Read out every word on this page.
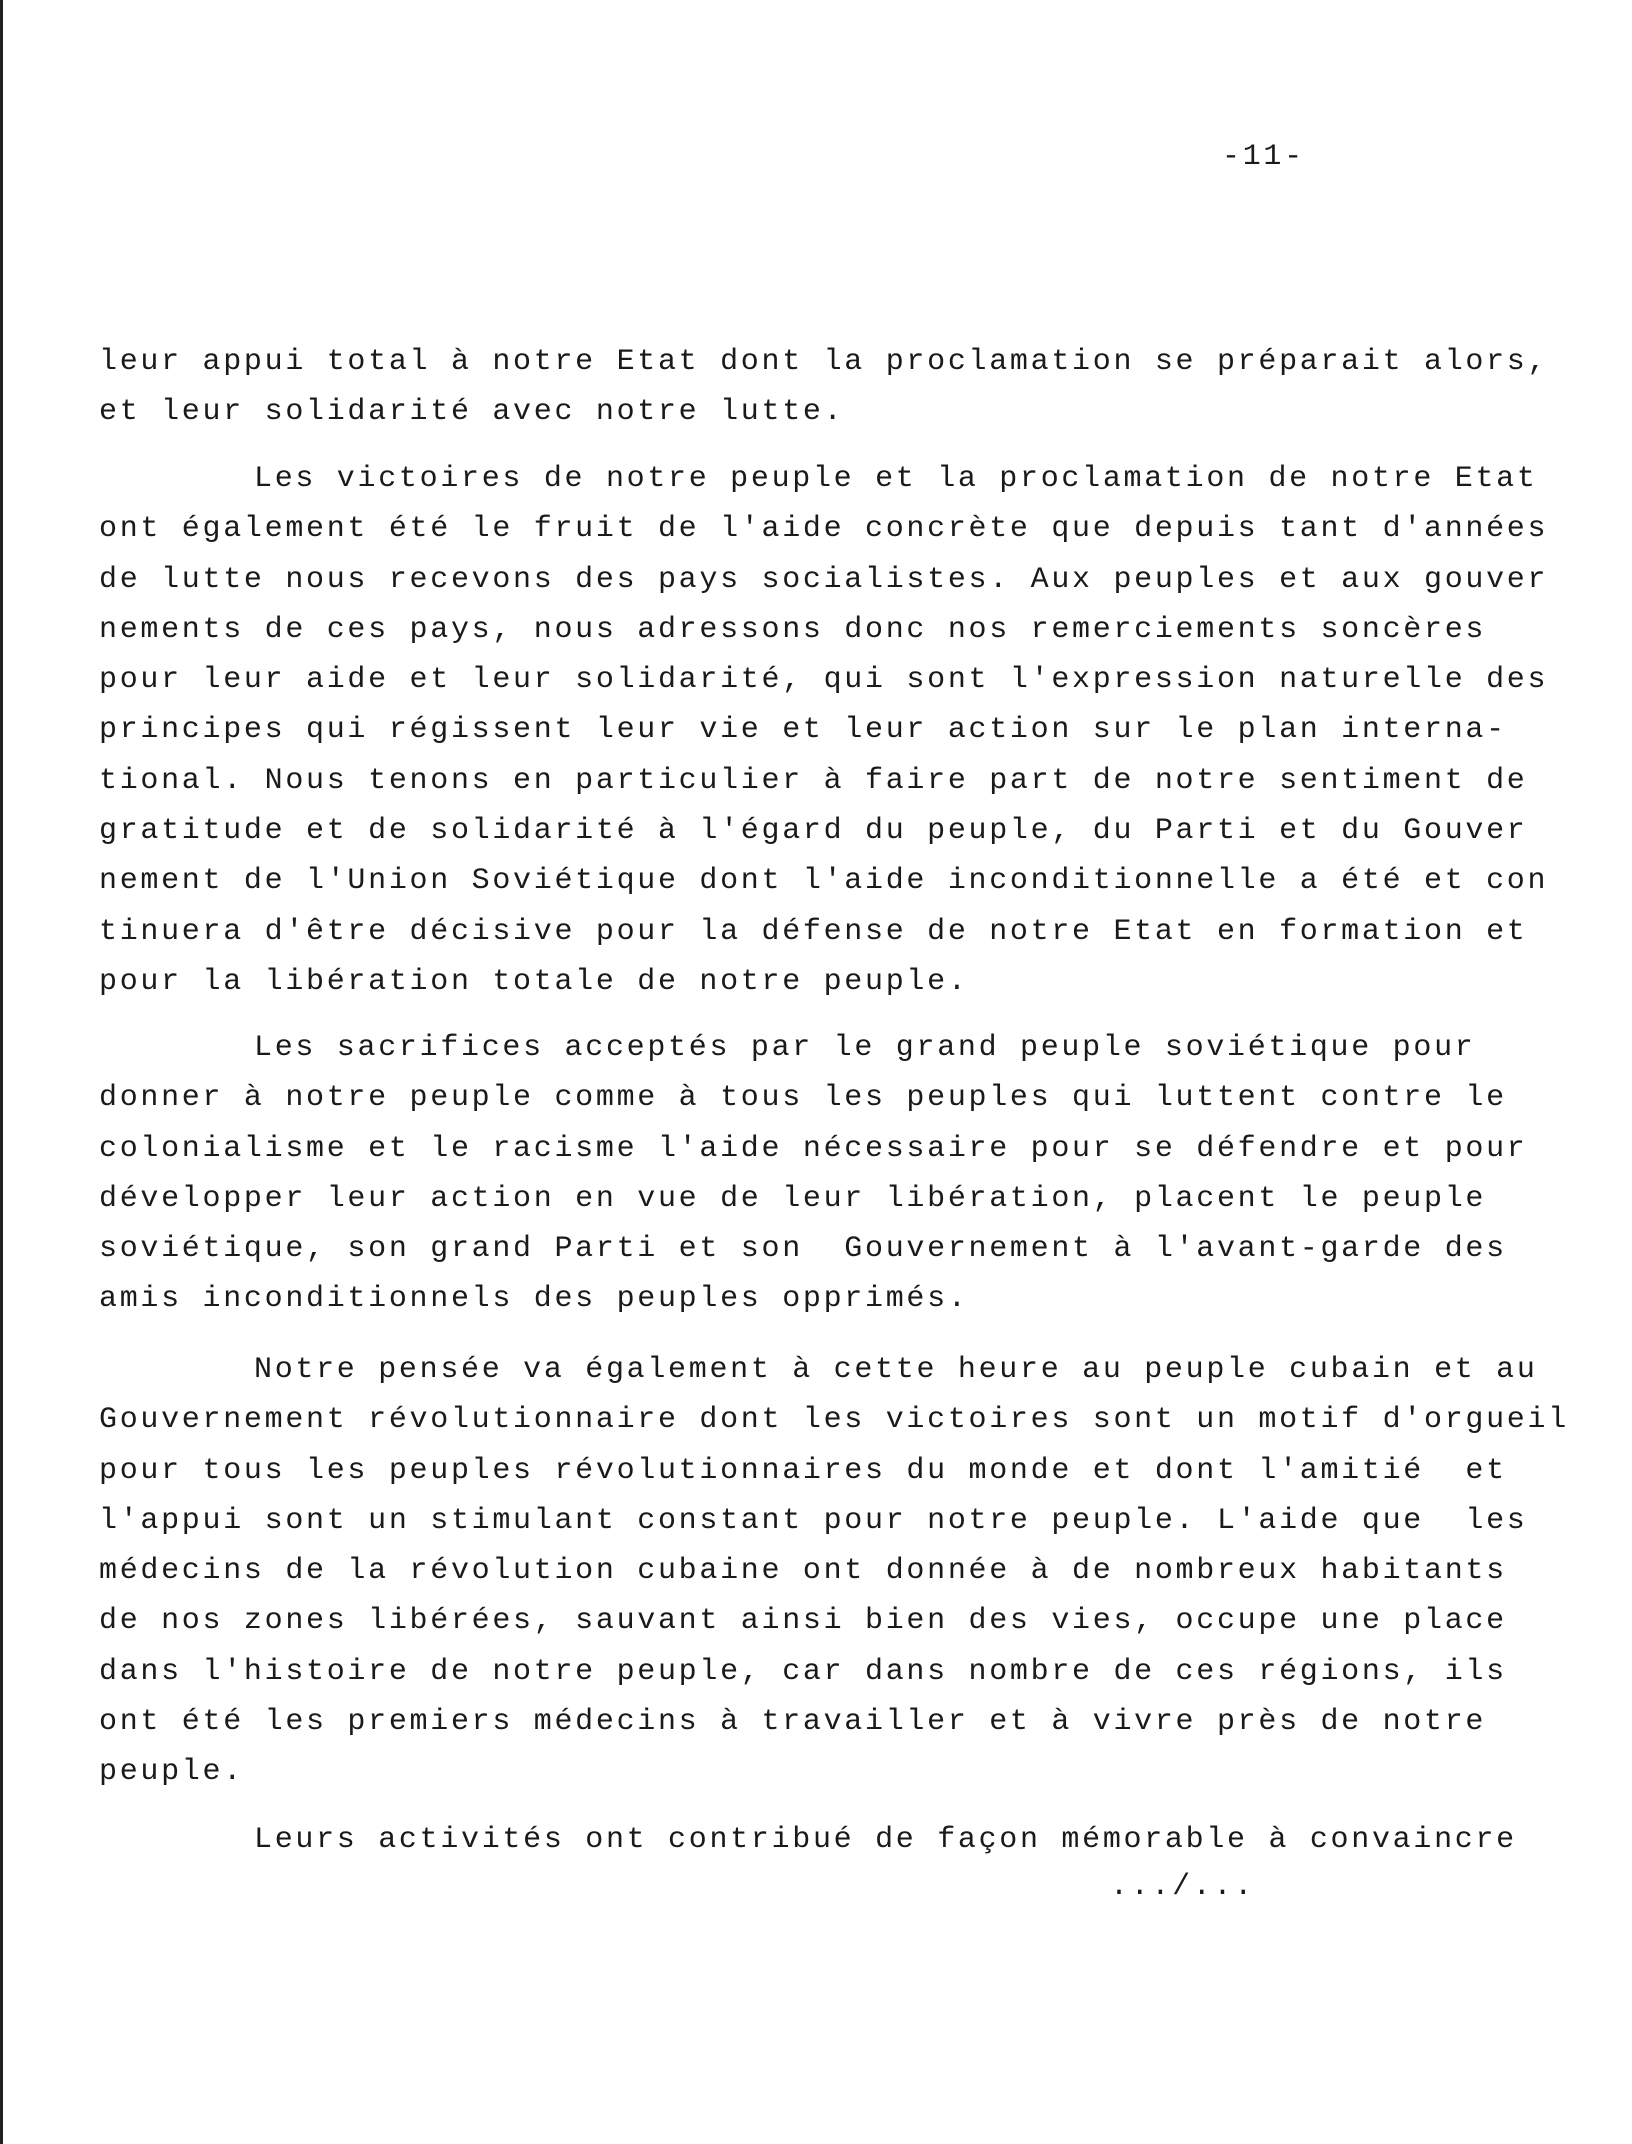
-11-
leur appui total à notre Etat dont la proclamation se préparait alors,
et leur solidarité avec notre lutte.
Les victoires de notre peuple et la proclamation de notre Etat
ont également été le fruit de l'aide concrète que depuis tant d'années
de lutte nous recevons des pays socialistes. Aux peuples et aux gouver
nements de ces pays, nous adressons donc nos remerciements soncères
pour leur aide et leur solidarité, qui sont l'expression naturelle des
principes qui régissent leur vie et leur action sur le plan interna-
tional. Nous tenons en particulier à faire part de notre sentiment de
gratitude et de solidarité à l'égard du peuple, du Parti et du Gouver
nement de l'Union Soviétique dont l'aide inconditionnelle a été et con
tinuera d'être décisive pour la défense de notre Etat en formation et
pour la libération totale de notre peuple.
Les sacrifices acceptés par le grand peuple soviétique pour
donner à notre peuple comme à tous les peuples qui luttent contre le
colonialisme et le racisme l'aide nécessaire pour se défendre et pour
développer leur action en vue de leur libération, placent le peuple
soviétique, son grand Parti et son  Gouvernement à l'avant-garde des
amis inconditionnels des peuples opprimés.
Notre pensée va également à cette heure au peuple cubain et au
Gouvernement révolutionnaire dont les victoires sont un motif d'orgueil
pour tous les peuples révolutionnaires du monde et dont l'amitié  et
l'appui sont un stimulant constant pour notre peuple. L'aide que  les
médecins de la révolution cubaine ont donnée à de nombreux habitants
de nos zones libérées, sauvant ainsi bien des vies, occupe une place
dans l'histoire de notre peuple, car dans nombre de ces régions, ils
ont été les premiers médecins à travailler et à vivre près de notre
peuple.
Leurs activités ont contribué de façon mémorable à convaincre
.../...
